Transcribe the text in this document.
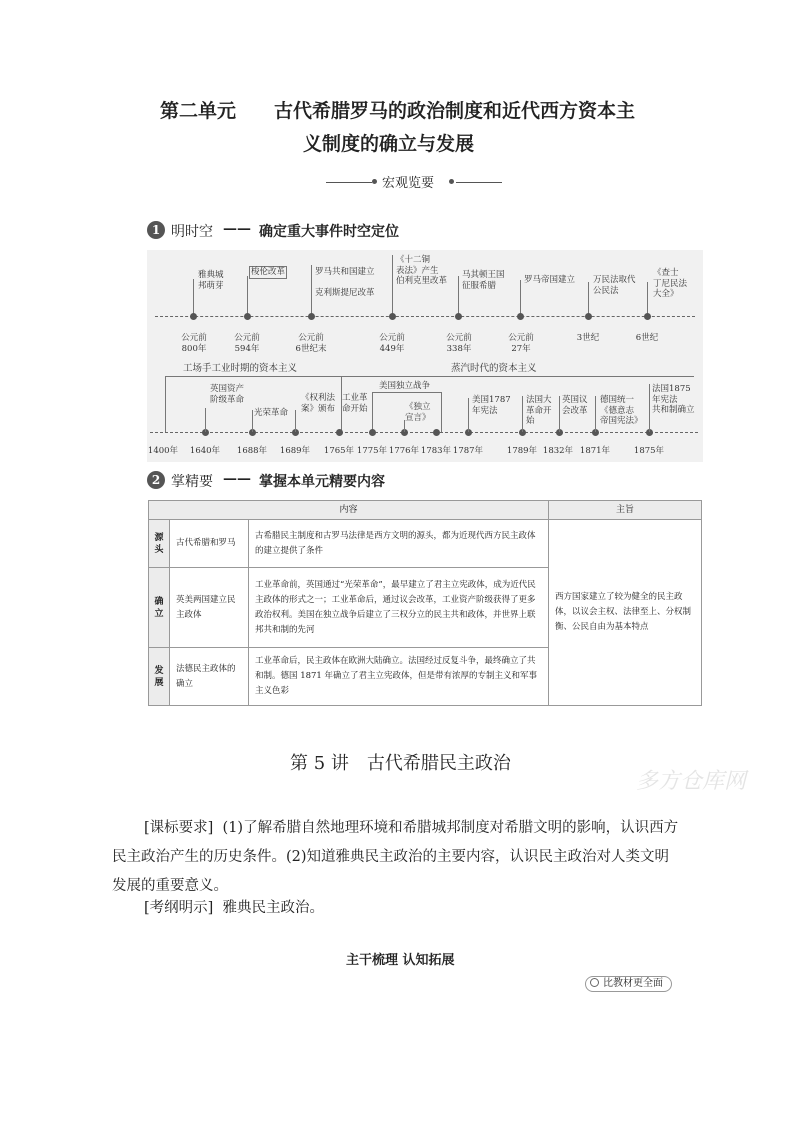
第二单元　　古代希腊罗马的政治制度和近代西方资本主
义制度的确立与发展
宏观览要
1 明时空 —— 确定重大事件时空定位
雅典城
邦萌芽
公元前
800年
梭伦改革
公元前
594年
罗马共和国建立
克利斯提尼改革
公元前
6世纪末
《十二铜
表法》产生
伯利克里改革
公元前
449年
马其顿王国
征服希腊
公元前
338年
罗马帝国建立
公元前
27年
万民法取代
公民法
3世纪
《查士
丁尼民法
大全》
6世纪
工场手工业时期的资本主义	蒸汽时代的资本主义
美国独立战争
英国资产
阶级革命
光荣革命
《权利法
案》颁布
工业革
命开始	《独立
宣言》
美国1787
年宪法
法国大
革命开
始
英国议
会改革
德国统一
《德意志
帝国宪法》
法国1875
年宪法
共和制确立
1400年 1640年 1688年 1689年 1765年 1775年 1776年 1783年 1787年	1789年 1832年 1871年	1875年
2 掌精要 —— 掌握本单元精要内容
内容			主旨
源
头	古代希腊和罗马	古希腊民主制度和古罗马法律是西方文明的源头，都为近现代西方民主政体的建立提供了条件	西方国家建立了较为健全的民主政体，以议会主权、法律至上、分权制衡、公民自由为基本特点
确
立	英美两国建立民主政体	工业革命前，英国通过“光荣革命”，最早建立了君主立宪政体，成为近代民主政体的形式之一；工业革命后，通过议会改革，工业资产阶级获得了更多政治权利。美国在独立战争后建立了三权分立的民主共和政体，并世界上联邦共和制的先河	
发
展	法德民主政体的确立	工业革命后，民主政体在欧洲大陆确立。法国经过反复斗争，最终确立了共和制。德国 1871 年确立了君主立宪政体，但是带有浓厚的专制主义和军事主义色彩	
第 5 讲　古代希腊民主政治
多方仓库网
[课标要求] (1)了解希腊自然地理环境和希腊城邦制度对希腊文明的影响，认识西方民主政治产生的历史条件。(2)知道雅典民主政治的主要内容，认识民主政治对人类文明发展的重要意义。
[考纲明示] 雅典民主政治。
主干梳理 认知拓展
比教材更全面
